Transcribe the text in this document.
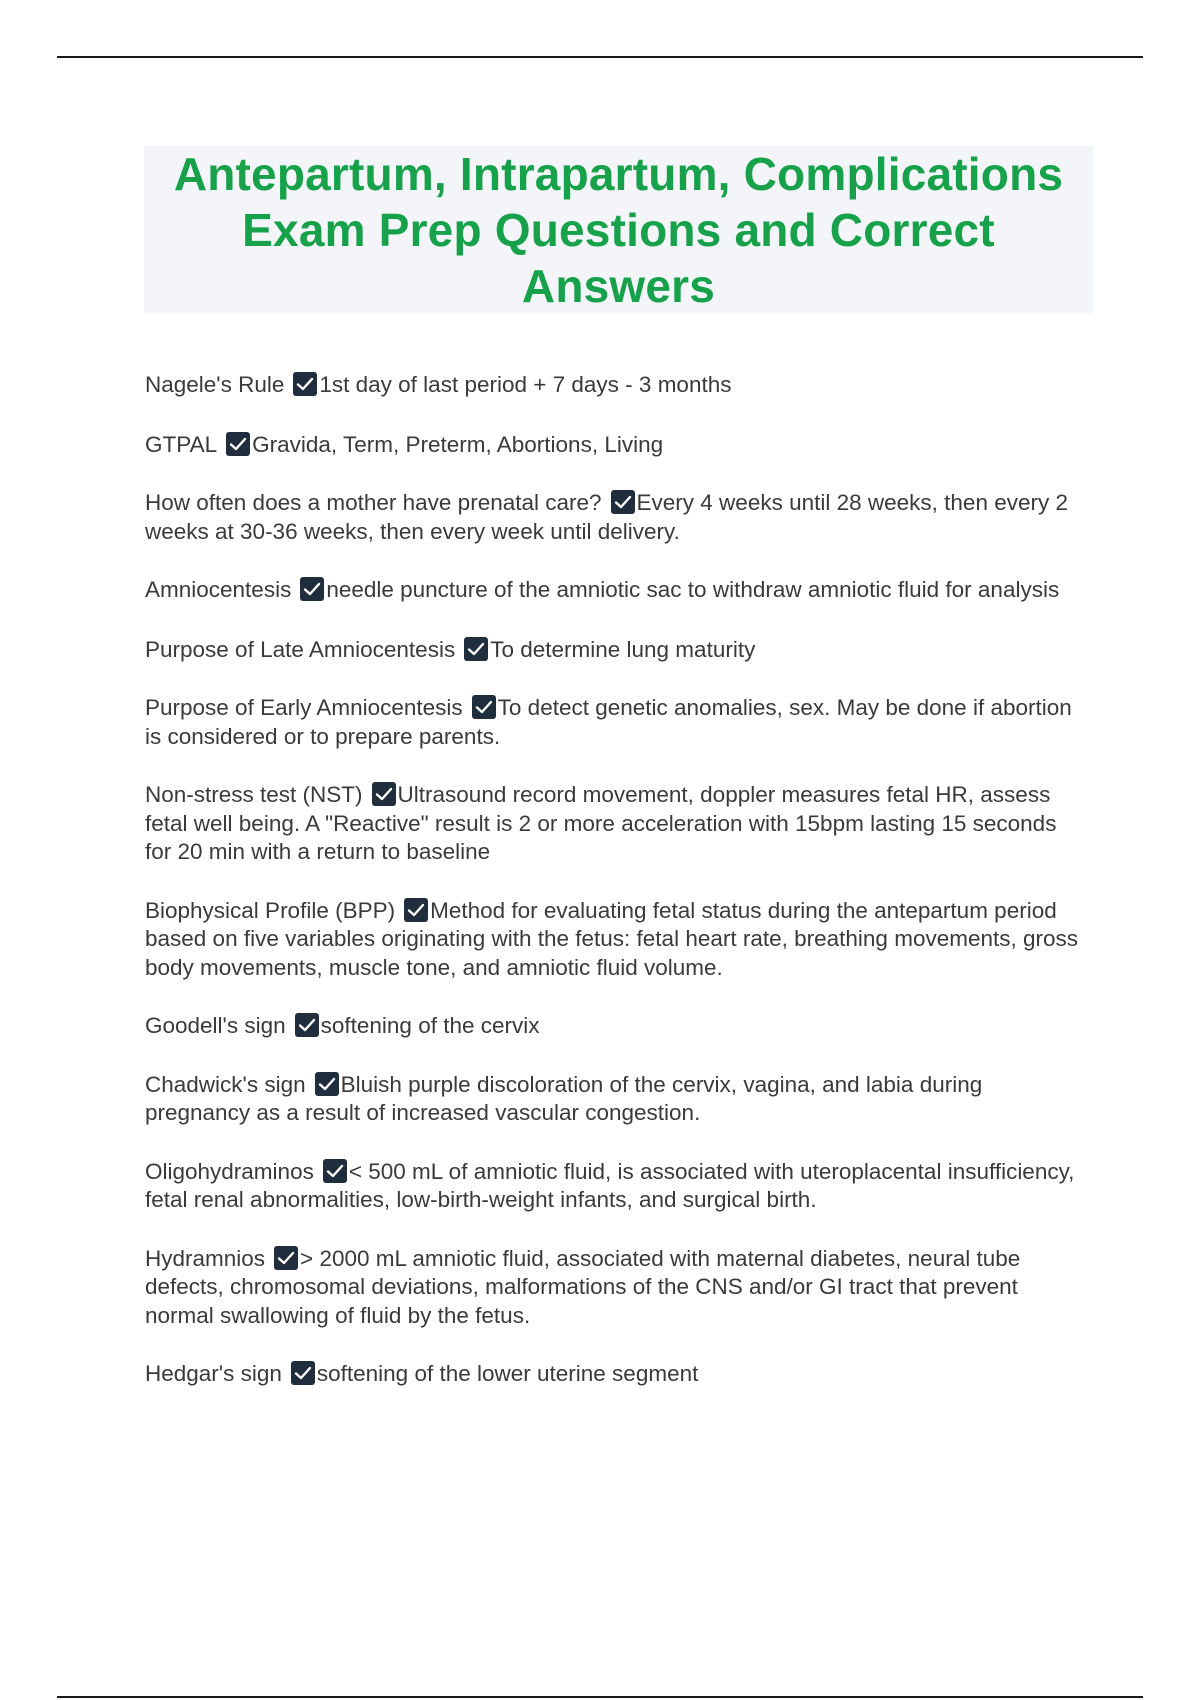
Antepartum, Intrapartum, Complications Exam Prep Questions and Correct Answers

Nagele's Rule 1st day of last period + 7 days - 3 months

GTPAL Gravida, Term, Preterm, Abortions, Living

How often does a mother have prenatal care? Every 4 weeks until 28 weeks, then every 2 weeks at 30-36 weeks, then every week until delivery.

Amniocentesis needle puncture of the amniotic sac to withdraw amniotic fluid for analysis

Purpose of Late Amniocentesis To determine lung maturity

Purpose of Early Amniocentesis To detect genetic anomalies, sex. May be done if abortion is considered or to prepare parents.

Non-stress test (NST) Ultrasound record movement, doppler measures fetal HR, assess fetal well being. A "Reactive" result is 2 or more acceleration with 15bpm lasting 15 seconds for 20 min with a return to baseline

Biophysical Profile (BPP) Method for evaluating fetal status during the antepartum period based on five variables originating with the fetus: fetal heart rate, breathing movements, gross body movements, muscle tone, and amniotic fluid volume.

Goodell's sign softening of the cervix

Chadwick's sign Bluish purple discoloration of the cervix, vagina, and labia during pregnancy as a result of increased vascular congestion.

Oligohydraminos < 500 mL of amniotic fluid, is associated with uteroplacental insufficiency, fetal renal abnormalities, low-birth-weight infants, and surgical birth.

Hydramnios > 2000 mL amniotic fluid, associated with maternal diabetes, neural tube defects, chromosomal deviations, malformations of the CNS and/or GI tract that prevent normal swallowing of fluid by the fetus.

Hedgar's sign softening of the lower uterine segment
